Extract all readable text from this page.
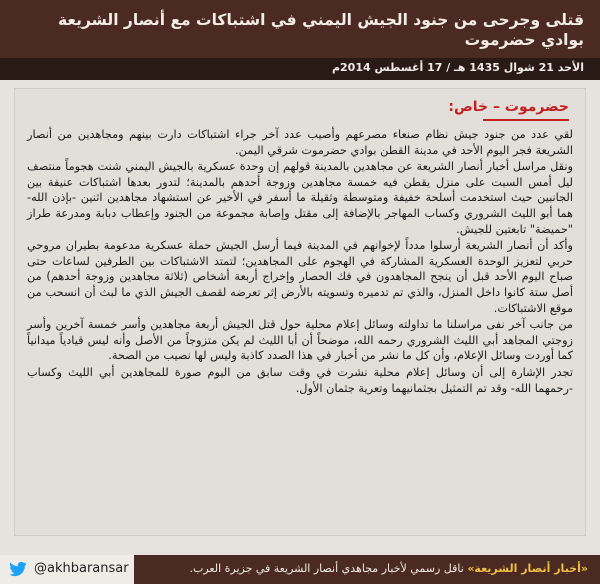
قتلى وجرحى من جنود الجيش اليمني في اشتباكات مع أنصار الشريعة بوادي حضرموت
الأحد 21 شوال 1435 هـ / 17 أغسطس 2014م
حضرموت – خاص:

لقي عدد من جنود جيش نظام صنعاء مصرعهم وأصيب عدد آخر جراء اشتباكات دارت بينهم ومجاهدين من أنصار الشريعة فجر اليوم الأحد في مدينة القطن بوادي حضرموت شرقي اليمن.

ونقل مراسل أخبار أنصار الشريعة عن مجاهدين بالمدينة قولهم إن وحدة عسكرية بالجيش اليمني شنت هجوماً منتصف ليل أمس السبت على منزل يقطن فيه خمسة مجاهدين وزوجة أحدهم بالمدينة؛ لتدور بعدها اشتباكات عنيفة بين الجانبين حيث استخدمت أسلحة خفيفة ومتوسطة وثقيلة ما أسفر في الأخير عن استشهاد مجاهدين اثنين -بإذن الله- هما أبو الليث الشروري وكساب المهاجر بالإضافة إلى مقتل وإصابة مجموعة من الجنود وإعطاب دبابة ومدرعة طراز "حميضة" تابعتين للجيش.

وأكد أن أنصار الشريعة أرسلوا مدداً لإخوانهم في المدينة فيما أرسل الجيش حملة عسكرية مدعومة بطيران مروحي حربي لتعزيز الوحدة العسكرية المشاركة في الهجوم على المجاهدين؛ لتمتد الاشتباكات بين الطرفين لساعات حتى صباح اليوم الأحد قبل أن ينجح المجاهدون في فك الحصار وإخراج أربعة أشخاص (ثلاثة مجاهدين وزوجة أحدهم) من أصل ستة كانوا داخل المنزل، والذي تم تدميره وتسويته بالأرض إثر تعرضه لقصف الجيش الذي ما لبث أن انسحب من موقع الاشتباكات.

من جانب آخر نفى مراسلنا ما تداولته وسائل إعلام محلية حول قتل الجيش أربعة مجاهدين وأسر خمسة آخرين وأسر زوجتي المجاهد أبي الليث الشروري رحمه الله، موضحاً أن أبا الليث لم يكن متزوجاً من الأصل وأنه ليس قيادياً ميدانياً كما أوردت وسائل الإعلام، وأن كل ما نشر من أخبار في هذا الصدد كاذبة وليس لها نصيب من الصحة.

تجدر الإشارة إلى أن وسائل إعلام محلية نشرت في وقت سابق من اليوم صورة للمجاهدين أبي الليث وكساب -رحمهما الله- وقد تم التمثيل بجثمانيهما وتعرية جثمان الأول.

@akhbaransar	«أخبار أنصار الشريعة» ناقل رسمي لأخبار مجاهدي أنصار الشريعة في جزيرة العرب.
